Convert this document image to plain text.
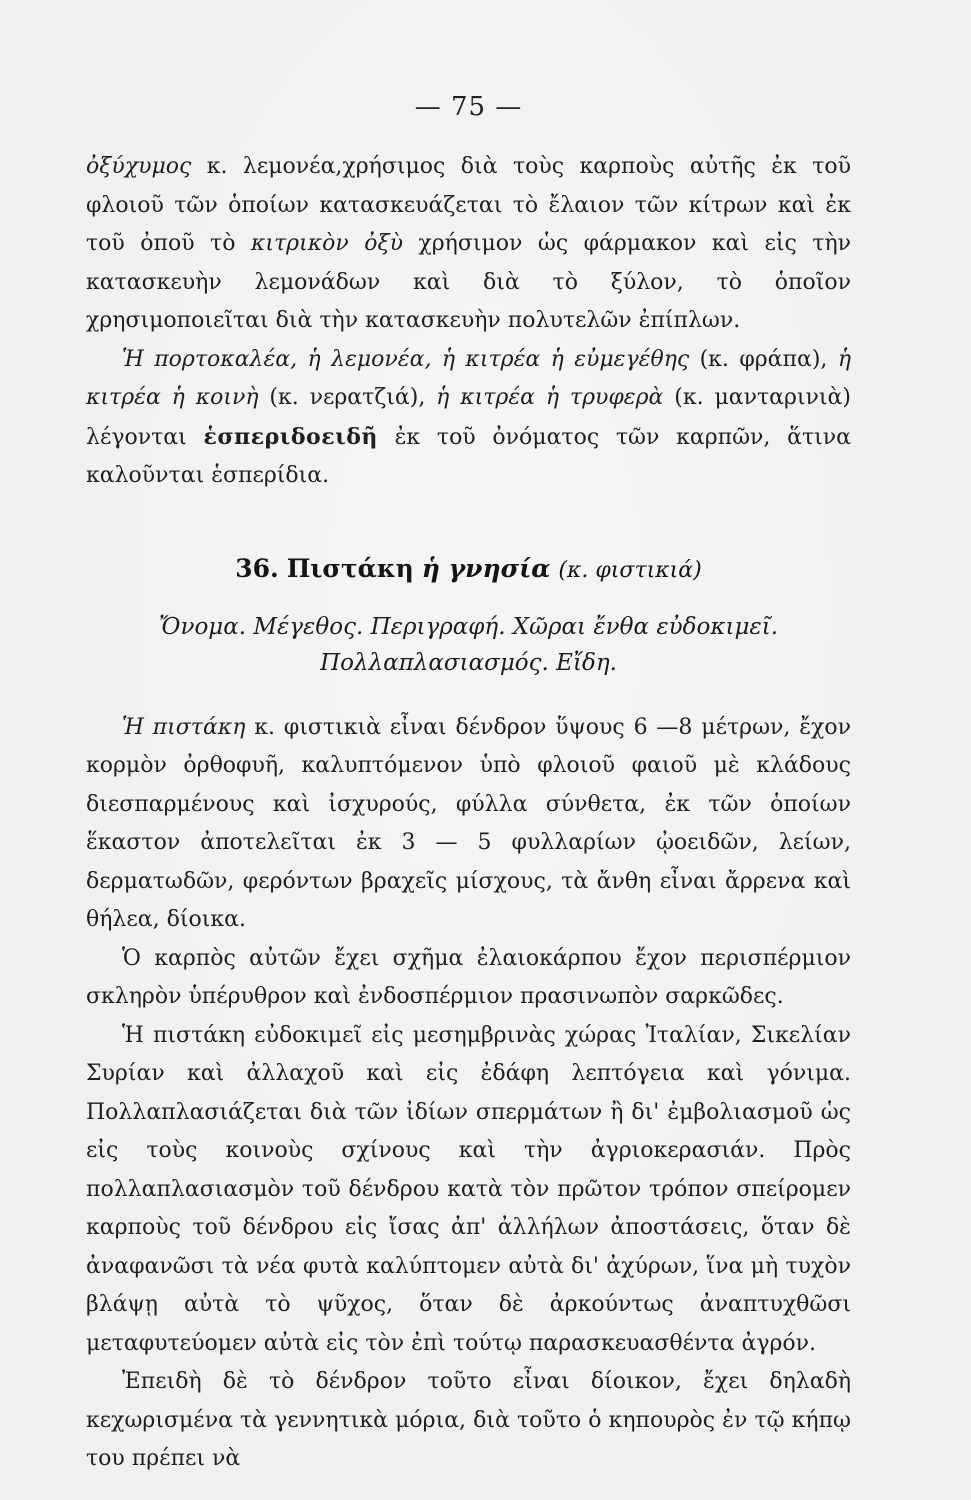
— 75 —

ὀξύχυμος κ. λεμονέα,χρήσιμος διὰ τοὺς καρποὺς αὐτῆς ἐκ τοῦ φλοιοῦ τῶν ὁποίων κατασκευάζεται τὸ ἔλαιον τῶν κίτρων καὶ ἐκ τοῦ ὀποῦ τὸ κιτρικὸν ὀξὺ χρήσιμον ὡς φάρμακον καὶ εἰς τὴν κατασκευὴν λεμονάδων καὶ διὰ τὸ ξύλον, τὸ ὁποῖον χρησιμοποιεῖται διὰ τὴν κατασκευὴν πολυτελῶν ἐπίπλων.

Ἡ πορτοκαλέα, ἡ λεμονέα, ἡ κιτρέα ἡ εὐμεγέθης (κ. φράπα), ἡ κιτρέα ἡ κοινὴ (κ. νερατζιά), ἡ κιτρέα ἡ τρυφερὰ (κ. μανταρινιὰ) λέγονται ἑσπεριδοειδῆ ἐκ τοῦ ὀνόματος τῶν καρπῶν, ἅτινα καλοῦνται ἑσπερίδια.

36. Πιστάκη ἡ γνησία (κ. φιστικιά)
Ὄνομα. Μέγεθος. Περιγραφή. Χῶραι ἔνθα εὐδοκιμεῖ.
Πολλαπλασιασμός. Εἴδη.

Ἡ πιστάκη κ. φιστικιὰ εἶναι δένδρον ὕψους 6 —8 μέτρων, ἔχον κορμὸν ὀρθοφυῆ, καλυπτόμενον ὑπὸ φλοιοῦ φαιοῦ μὲ κλάδους διεσπαρμένους καὶ ἰσχυρούς, φύλλα σύνθετα, ἐκ τῶν ὁποίων ἕκαστον ἀποτελεῖται ἐκ 3 — 5 φυλλαρίων ᾠοειδῶν, λείων, δερματωδῶν, φερόντων βραχεῖς μίσχους, τὰ ἄνθη εἶναι ἄρρενα καὶ θήλεα, δίοικα.

Ὁ καρπὸς αὐτῶν ἔχει σχῆμα ἐλαιοκάρπου ἔχον περισπέρμιον σκληρὸν ὑπέρυθρον καὶ ἐνδοσπέρμιον πρασινωπὸν σαρκῶδες.

Ἡ πιστάκη εὐδοκιμεῖ εἰς μεσημβρινὰς χώρας Ἰταλίαν, Σικελίαν Συρίαν καὶ ἀλλαχοῦ καὶ εἰς ἐδάφη λεπτόγεια καὶ γόνιμα. Πολλαπλασιάζεται διὰ τῶν ἰδίων σπερμάτων ἢ δι' ἐμβολιασμοῦ ὡς εἰς τοὺς κοινοὺς σχίνους καὶ τὴν ἀγριοκερασιάν. Πρὸς πολλαπλασιασμὸν τοῦ δένδρου κατὰ τὸν πρῶτον τρόπον σπείρομεν καρποὺς τοῦ δένδρου εἰς ἴσας ἀπ' ἀλλήλων ἀποστάσεις, ὅταν δὲ ἀναφανῶσι τὰ νέα φυτὰ καλύπτομεν αὐτὰ δι' ἀχύρων, ἵνα μὴ τυχὸν βλάψῃ αὐτὰ τὸ ψῦχος, ὅταν δὲ ἀρκούντως ἀναπτυχθῶσι μεταφυτεύομεν αὐτὰ εἰς τὸν ἐπὶ τούτῳ παρασκευασθέντα ἀγρόν.

Ἐπειδὴ δὲ τὸ δένδρον τοῦτο εἶναι δίοικον, ἔχει δηλαδὴ κεχωρισμένα τὰ γεννητικὰ μόρια, διὰ τοῦτο ὁ κηπουρὸς ἐν τῷ κήπῳ του πρέπει νὰ
